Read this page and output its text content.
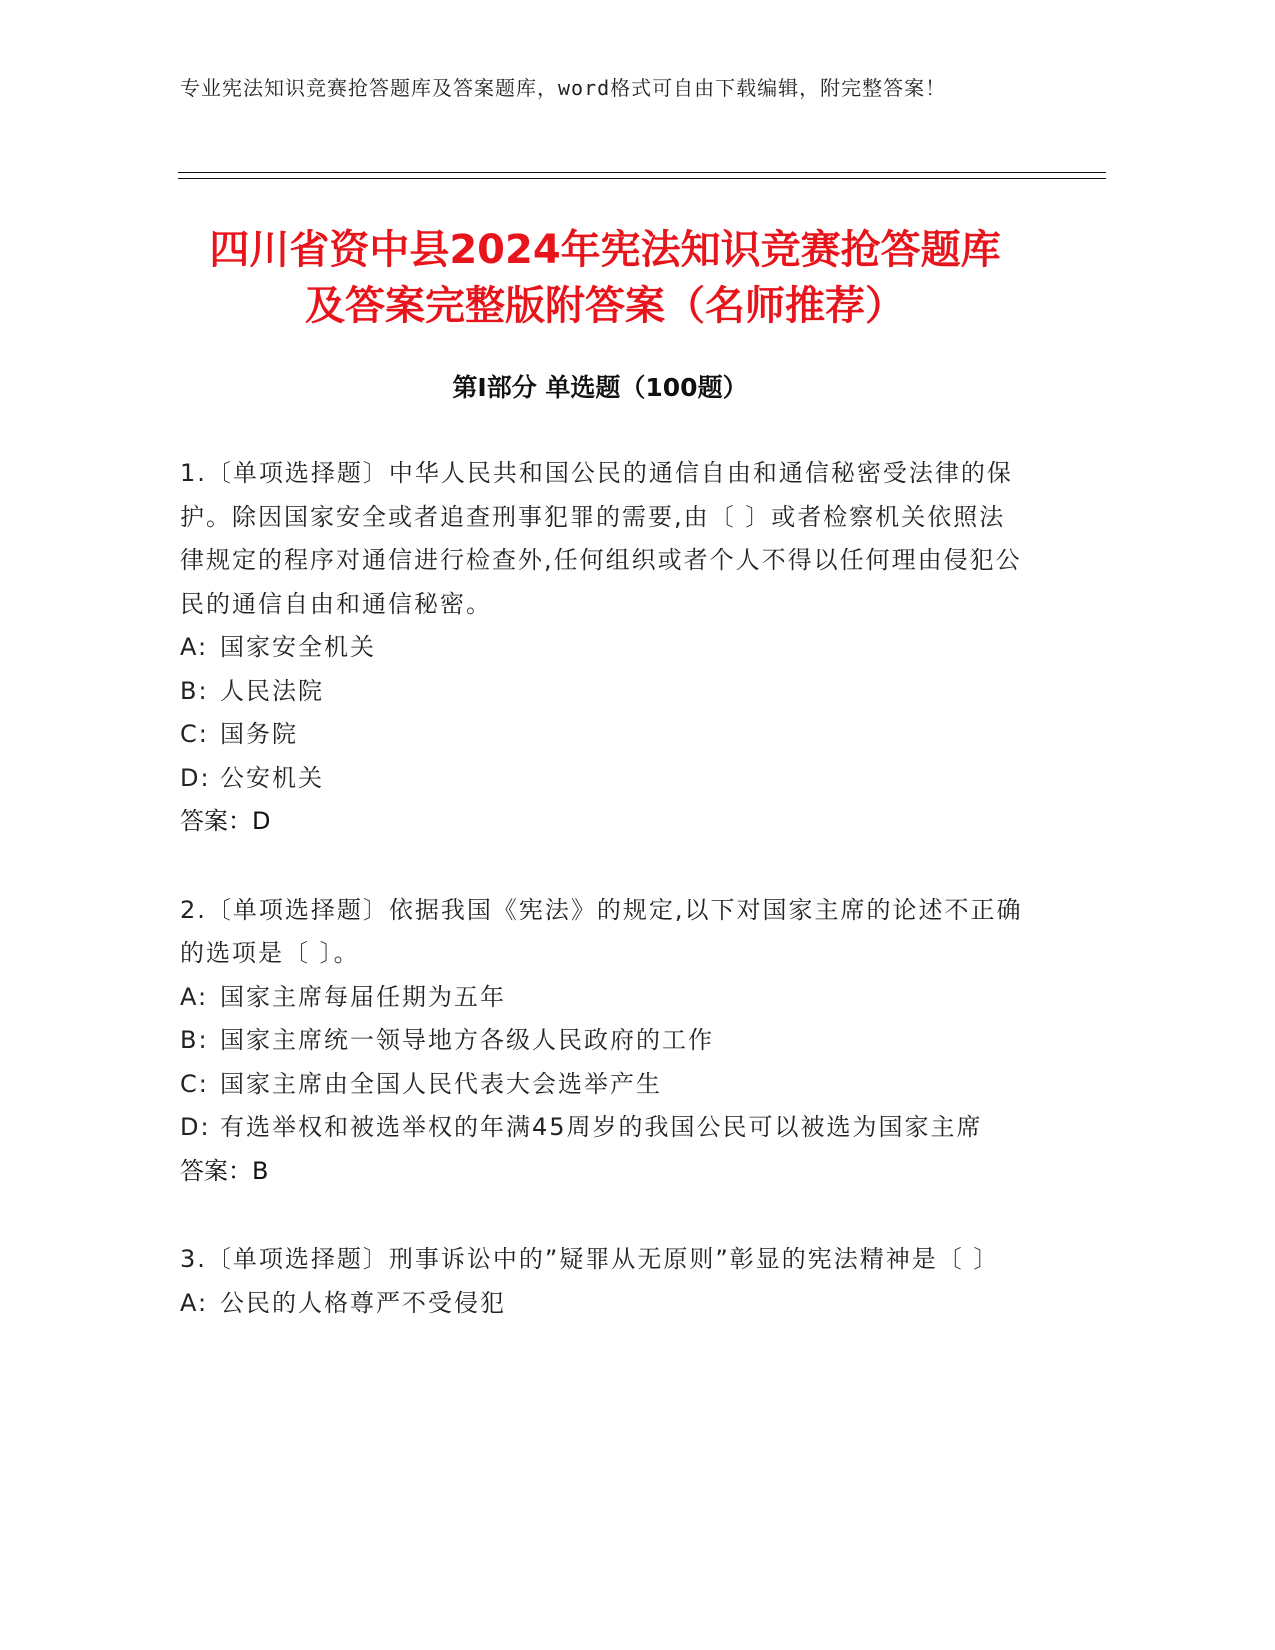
专业宪法知识竞赛抢答题库及答案题库，word格式可自由下载编辑，附完整答案！
四川省资中县2024年宪法知识竞赛抢答题库
及答案完整版附答案（名师推荐）
第Ⅰ部分 单选题（100题）

1.〔单项选择题〕中华人民共和国公民的通信自由和通信秘密受法律的保护。除因国家安全或者追查刑事犯罪的需要,由〔 〕或者检察机关依照法律规定的程序对通信进行检查外,任何组织或者个人不得以任何理由侵犯公民的通信自由和通信秘密。

A: 国家安全机关

B: 人民法院

C: 国务院

D: 公安机关

答案：D

2.〔单项选择题〕依据我国《宪法》的规定,以下对国家主席的论述不正确的选项是〔 〕。

A: 国家主席每届任期为五年

B: 国家主席统一领导地方各级人民政府的工作

C: 国家主席由全国人民代表大会选举产生

D: 有选举权和被选举权的年满45周岁的我国公民可以被选为国家主席

答案：B

3.〔单项选择题〕刑事诉讼中的”疑罪从无原则”彰显的宪法精神是〔 〕

A: 公民的人格尊严不受侵犯
